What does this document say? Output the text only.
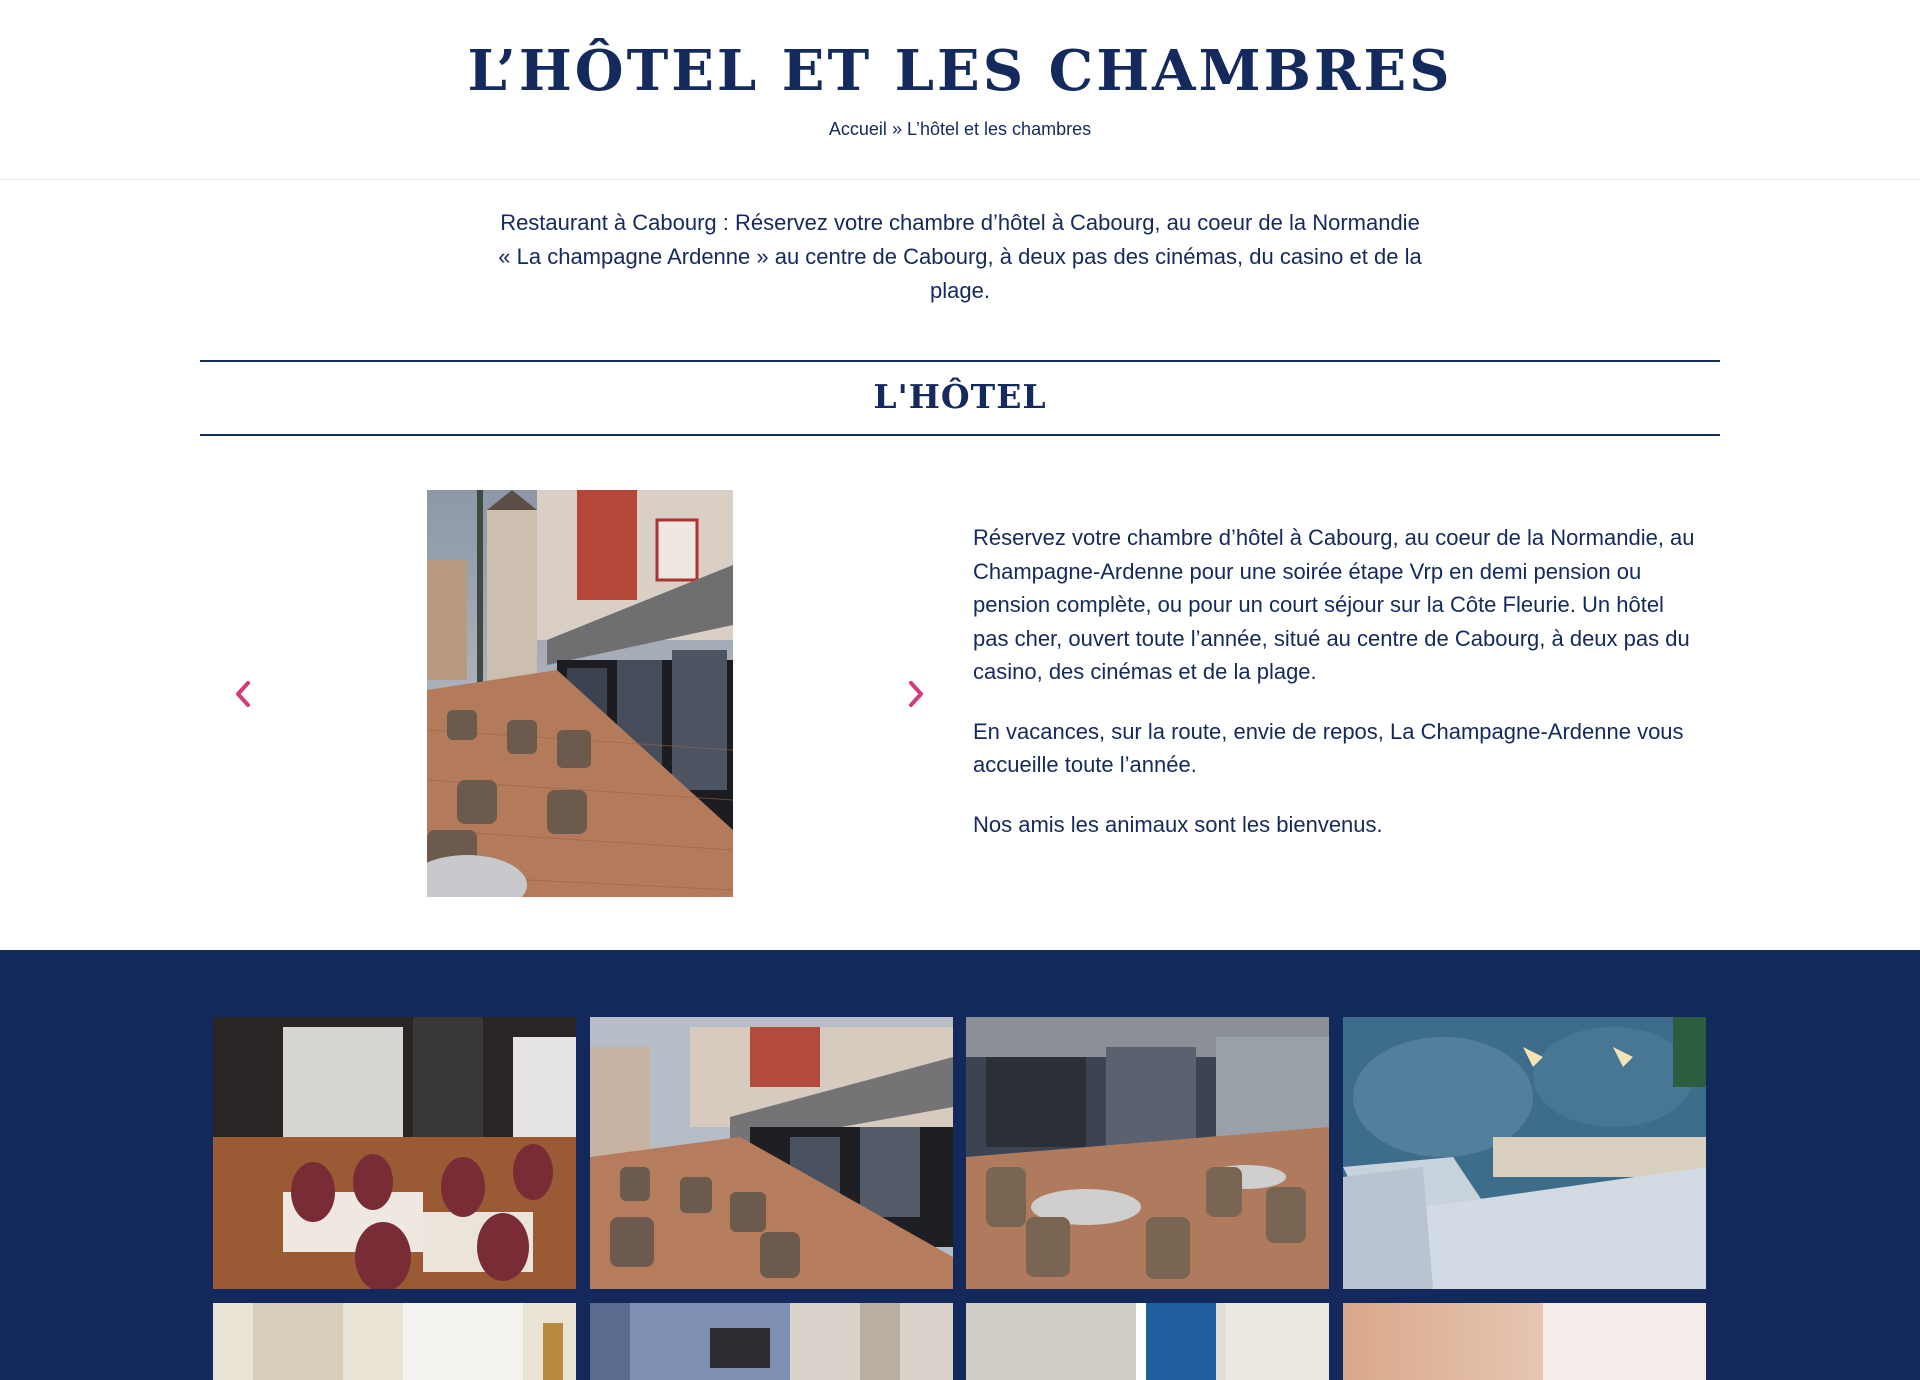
L’HÔTEL ET LES CHAMBRES
Accueil » L’hôtel et les chambres
Restaurant à Cabourg : Réservez votre chambre d’hôtel à Cabourg, au coeur de la Normandie
« La champagne Ardenne » au centre de Cabourg, à deux pas des cinémas, du casino et de la
plage.
L'HÔTEL

Réservez votre chambre d’hôtel à Cabourg, au coeur de la Normandie, au Champagne-Ardenne pour une soirée étape Vrp en demi pension ou pension complète, ou pour un court séjour sur la Côte Fleurie. Un hôtel pas cher, ouvert toute l’année, situé au centre de Cabourg, à deux pas du casino, des cinémas et de la plage.

En vacances, sur la route, envie de repos, La Champagne-Ardenne vous accueille toute l’année.

Nos amis les animaux sont les bienvenus.
